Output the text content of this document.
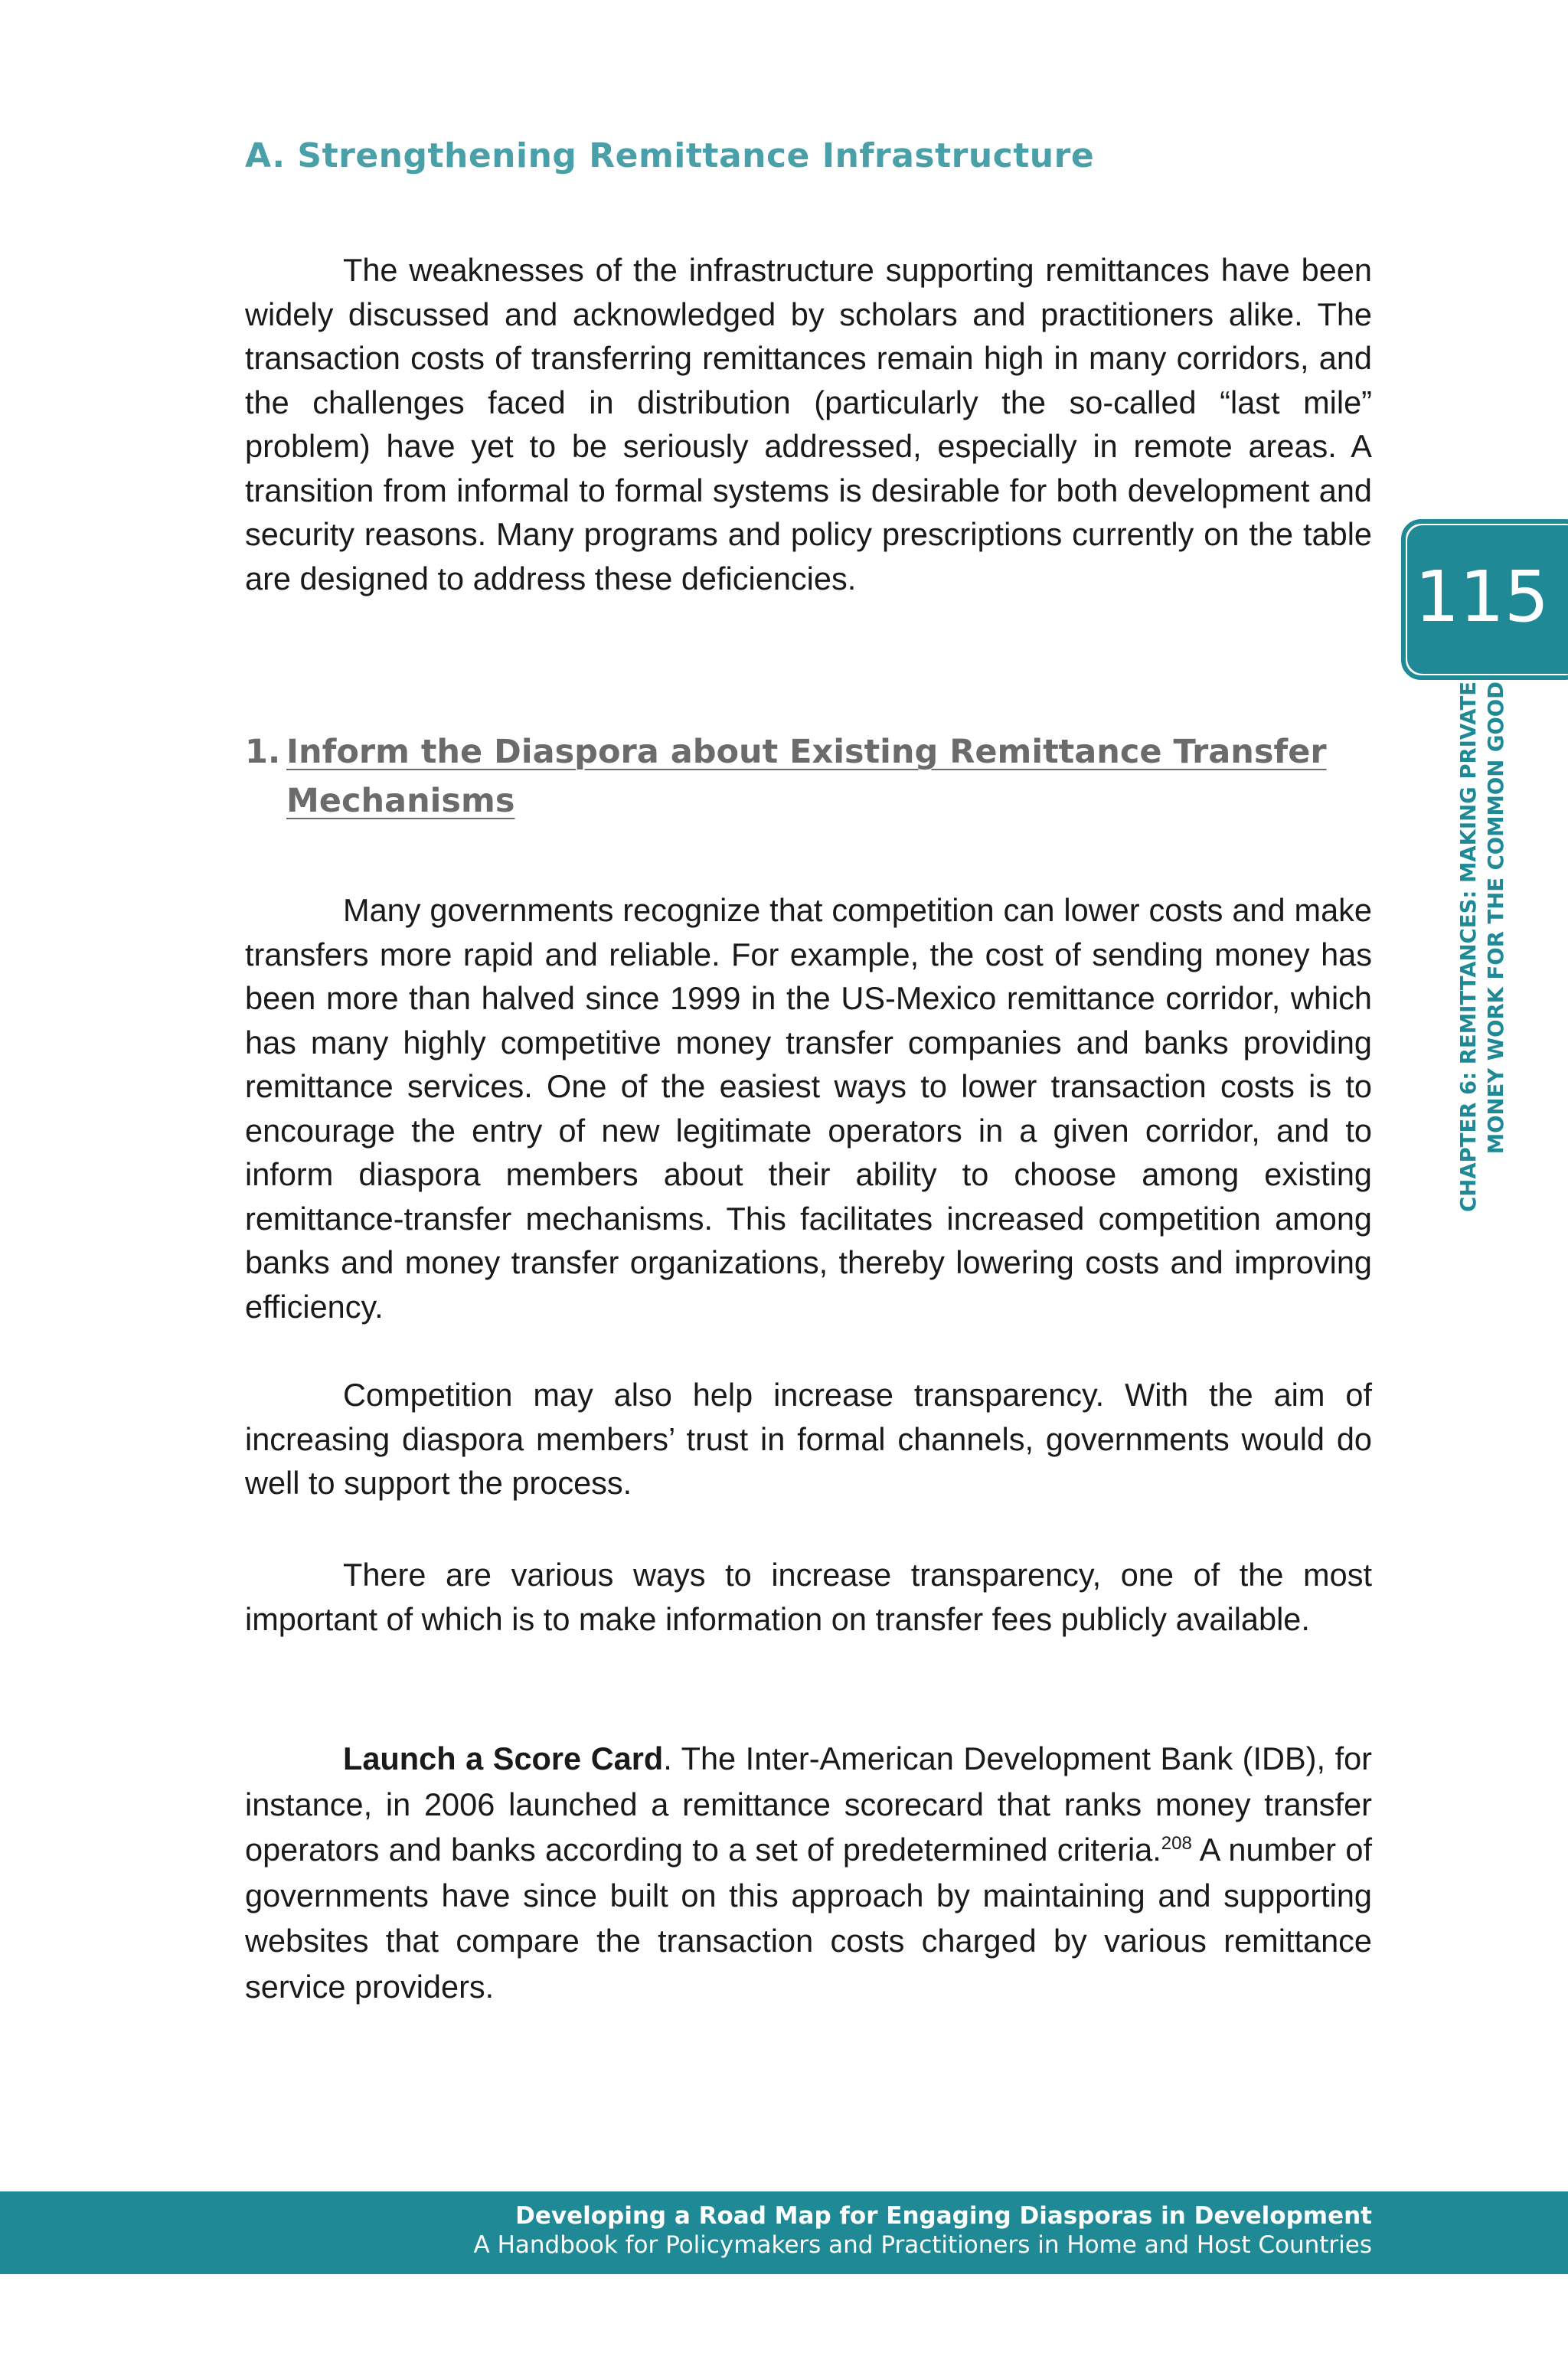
A. Strengthening Remittance Infrastructure

The weaknesses of the infrastructure supporting remittances have been widely discussed and acknowledged by scholars and practitioners alike. The transaction costs of transferring remittances remain high in many corridors, and the challenges faced in distribution (particularly the so-called “last mile” problem) have yet to be seriously addressed, especially in remote areas. A transition from informal to formal systems is desirable for both development and security reasons. Many programs and policy prescriptions currently on the table are designed to address these deficiencies.

1. Inform the Diaspora about Existing Remittance Transfer
Mechanisms

Many governments recognize that competition can lower costs and make transfers more rapid and reliable. For example, the cost of sending money has been more than halved since 1999 in the US-Mexico remittance corridor, which has many highly competitive money transfer companies and banks providing remittance services. One of the easiest ways to lower transaction costs is to encourage the entry of new legitimate operators in a given corridor, and to inform diaspora members about their ability to choose among existing remittance-transfer mechanisms. This facilitates increased competition among banks and money transfer organizations, thereby lowering costs and improving efficiency.

Competition may also help increase transparency. With the aim of increasing diaspora members’ trust in formal channels, governments would do well to support the process.

There are various ways to increase transparency, one of the most important of which is to make information on transfer fees publicly available.

Launch a Score Card. The Inter-American Development Bank (IDB), for instance, in 2006 launched a remittance scorecard that ranks money transfer operators and banks according to a set of predetermined criteria.$^{208}$ A number of governments have since built on this approach by maintaining and supporting websites that compare the transaction costs charged by various remittance service providers.

115
CHAPTER 6: REMITTANCES: MAKING PRIVATE MONEY WORK FOR THE COMMON GOOD
Developing a Road Map for Engaging Diasporas in Development
A Handbook for Policymakers and Practitioners in Home and Host Countries
